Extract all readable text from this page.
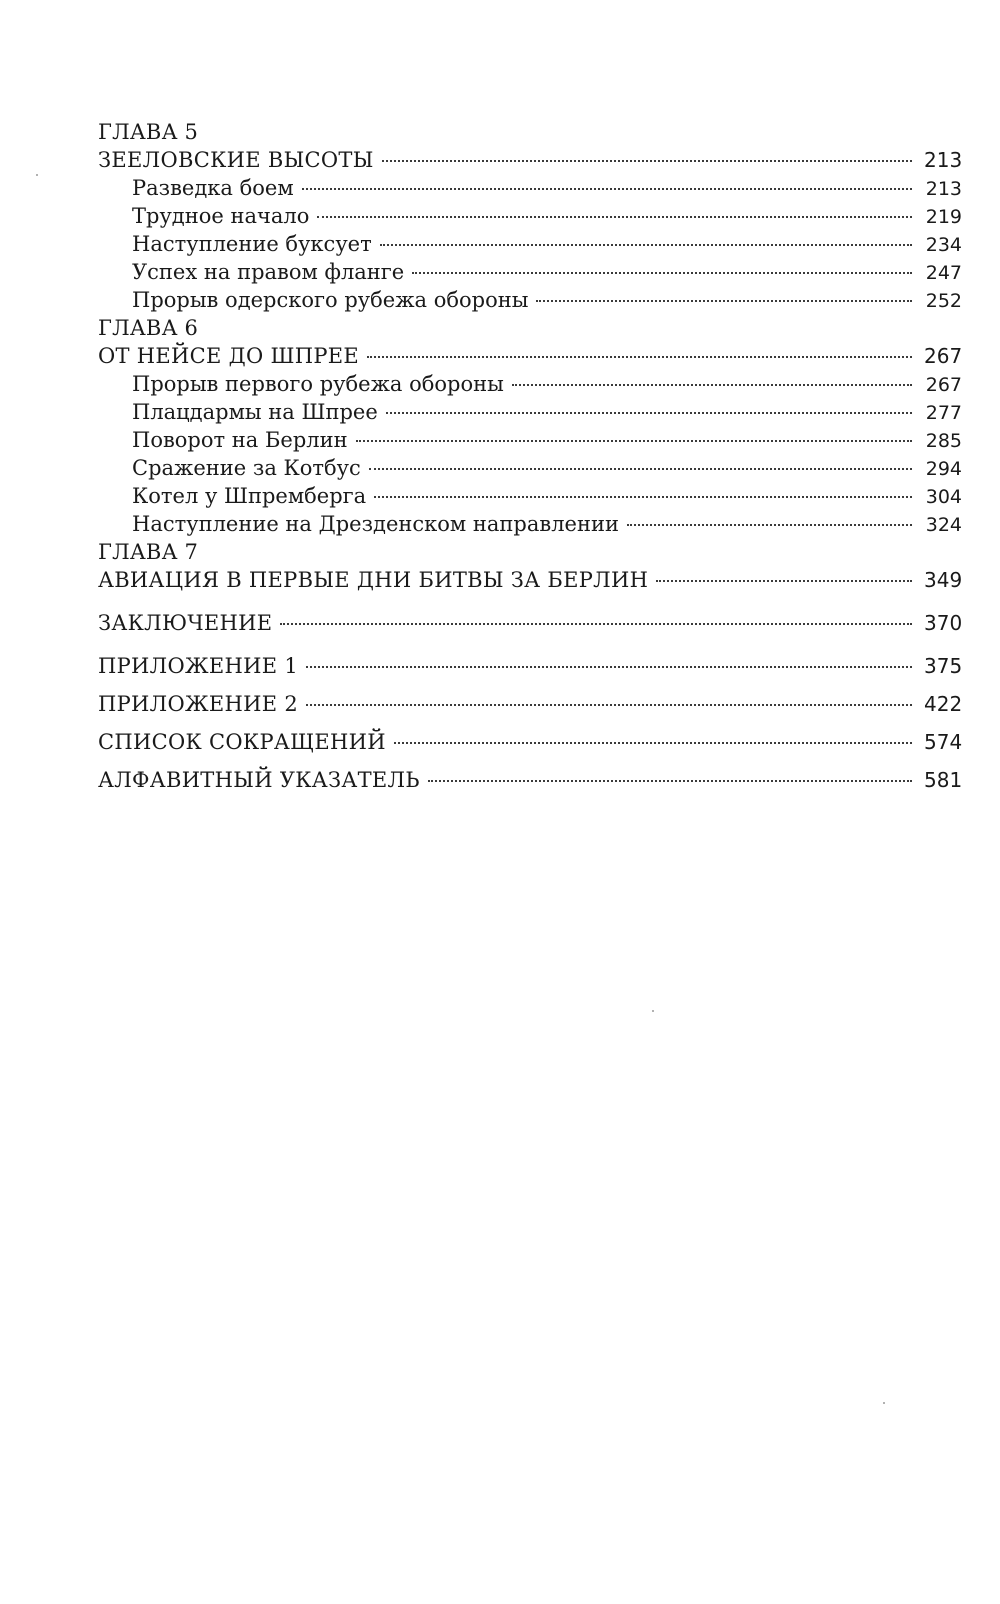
ГЛАВА 5
ЗЕЕЛОВСКИЕ ВЫСОТЫ	213
Разведка боем	213
Трудное начало	219
Наступление буксует	234
Успех на правом фланге	247
Прорыв одерского рубежа обороны	252
ГЛАВА 6
ОТ НЕЙСЕ ДО ШПРЕЕ	267
Прорыв первого рубежа обороны	267
Плацдармы на Шпрее	277
Поворот на Берлин	285
Сражение за Котбус	294
Котел у Шпремберга	304
Наступление на Дрезденском направлении	324
ГЛАВА 7
АВИАЦИЯ В ПЕРВЫЕ ДНИ БИТВЫ ЗА БЕРЛИН	349
ЗАКЛЮЧЕНИЕ	370
ПРИЛОЖЕНИЕ 1	375
ПРИЛОЖЕНИЕ 2	422
СПИСОК СОКРАЩЕНИЙ	574
АЛФАВИТНЫЙ УКАЗАТЕЛЬ	581
